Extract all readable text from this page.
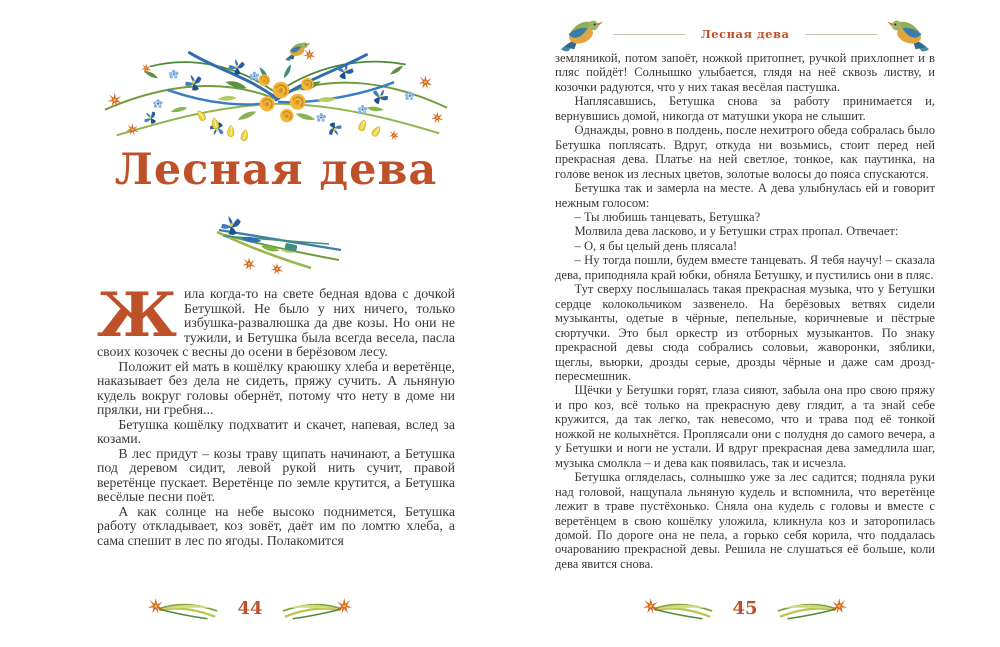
Лесная дева

Жила когда-то на свете бедная вдова с дочкой Бетушкой. Не было у них ничего, только избушка-развалюшка да две козы. Но они не тужили, и Бетушка была всегда весела, пасла своих козочек с весны до осени в берёзовом лесу.

Положит ей мать в кошёлку краюшку хлеба и веретёнце, наказывает без дела не сидеть, пряжу сучить. А льняную кудель вокруг головы обернёт, потому что нету в доме ни прялки, ни гребня...

Бетушка кошёлку подхватит и скачет, напевая, вслед за козами.

В лес придут – козы траву щипать начинают, а Бетушка под деревом сидит, левой рукой нить сучит, правой веретёнце пускает. Веретёнце по земле крутится, а Бетушка весёлые песни поёт.

А как солнце на небе высоко поднимется, Бетушка работу откладывает, коз зовёт, даёт им по ломтю хлеба, а сама спешит в лес по ягоды. Полакомится

44
Лесная дева

земляникой, потом запоёт, ножкой притопнет, ручкой прихлопнет и в пляс пойдёт! Солнышко улыбается, глядя на неё сквозь листву, и козочки радуются, что у них такая весёлая пастушка.

Наплясавшись, Бетушка снова за работу принимается и, вернувшись домой, никогда от матушки укора не слышит.

Однажды, ровно в полдень, после нехитрого обеда собралась было Бетушка поплясать. Вдруг, откуда ни возьмись, стоит перед ней прекрасная дева. Платье на ней светлое, тонкое, как паутинка, на голове венок из лесных цветов, золотые волосы до пояса спускаются.

Бетушка так и замерла на месте. А дева улыбнулась ей и говорит нежным голосом:

– Ты любишь танцевать, Бетушка?

Молвила дева ласково, и у Бетушки страх пропал. Отвечает:

– О, я бы целый день плясала!

– Ну тогда пошли, будем вместе танцевать. Я тебя научу! – сказала дева, приподняла край юбки, обняла Бетушку, и пустились они в пляс.

Тут сверху послышалась такая прекрасная музыка, что у Бетушки сердце колокольчиком зазвенело. На берёзовых ветвях сидели музыканты, одетые в чёрные, пепельные, коричневые и пёстрые сюртучки. Это был оркестр из отборных музыкантов. По знаку прекрасной девы сюда собрались соловьи, жаворонки, зяблики, щеглы, вьюрки, дрозды серые, дрозды чёрные и даже сам дрозд-пересмешник.

Щёчки у Бетушки горят, глаза сияют, забыла она про свою пряжу и про коз, всё только на прекрасную деву глядит, а та знай себе кружится, да так легко, так невесомо, что и трава под её тонкой ножкой не колыхнётся. Проплясали они с полудня до самого вечера, а у Бетушки и ноги не устали. И вдруг прекрасная дева замедлила шаг, музыка смолкла – и дева как появилась, так и исчезла.

Бетушка огляделась, солнышко уже за лес садится; подняла руки над головой, нащупала льняную кудель и вспомнила, что веретёнце лежит в траве пустёхонько. Сняла она кудель с головы и вместе с веретёнцем в свою кошёлку уложила, кликнула коз и заторопилась домой. По дороге она не пела, а горько себя корила, что поддалась очарованию прекрасной девы. Решила не слушаться её больше, коли дева явится снова.

45
